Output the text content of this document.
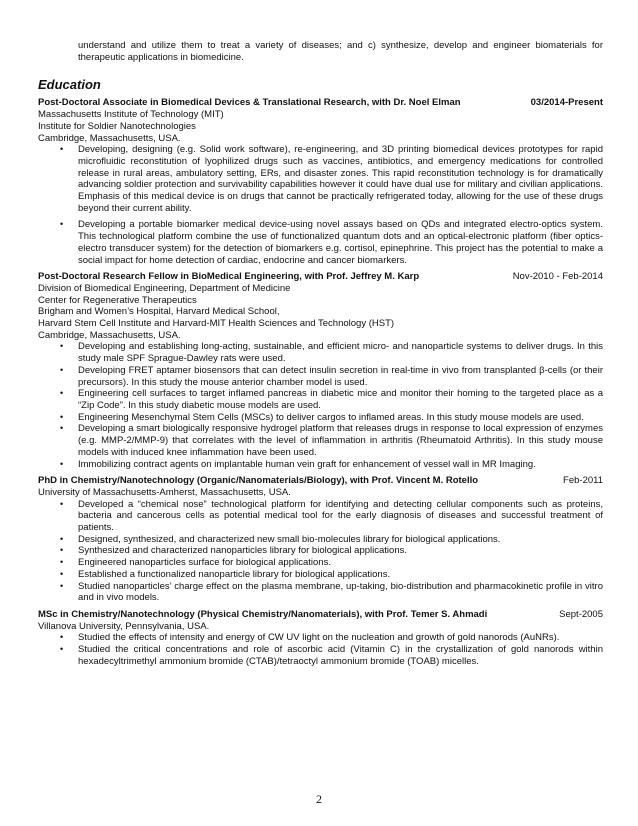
understand and utilize them to treat a variety of diseases; and c) synthesize, develop and engineer biomaterials for therapeutic applications in biomedicine.
Education
Post-Doctoral Associate in Biomedical Devices & Translational Research, with Dr. Noel Elman	03/2014-Present
Massachusetts Institute of Technology (MIT)
Institute for Soldier Nanotechnologies
Cambridge, Massachusetts, USA.
• Developing, designing (e.g. Solid work software), re-engineering, and 3D printing biomedical devices prototypes for rapid microfluidic reconstitution of lyophilized drugs such as vaccines, antibiotics, and emergency medications for controlled release in rural areas, ambulatory setting, ERs, and disaster zones. This rapid reconstitution technology is for dramatically advancing soldier protection and survivability capabilities however it could have dual use for military and civilian applications. Emphasis of this medical device is on drugs that cannot be practically refrigerated today, allowing for the use of these drugs beyond their current ability.
• Developing a portable biomarker medical device-using novel assays based on QDs and integrated electro-optics system. This technological platform combine the use of functionalized quantum dots and an optical-electronic platform (fiber optics-electro transducer system) for the detection of biomarkers e.g. cortisol, epinephrine. This project has the potential to make a social impact for home detection of cardiac, endocrine and cancer biomarkers.
Post-Doctoral Research Fellow in BioMedical Engineering, with Prof. Jeffrey M. Karp	Nov-2010 - Feb-2014
Division of Biomedical Engineering, Department of Medicine
Center for Regenerative Therapeutics
Brigham and Women’s Hospital, Harvard Medical School,
Harvard Stem Cell Institute and Harvard-MIT Health Sciences and Technology (HST)
Cambridge, Massachusetts, USA.
• Developing and establishing long-acting, sustainable, and efficient micro- and nanoparticle systems to deliver drugs. In this study male SPF Sprague-Dawley rats were used.
• Developing FRET aptamer biosensors that can detect insulin secretion in real-time in vivo from transplanted β-cells (or their precursors). In this study the mouse anterior chamber model is used.
• Engineering cell surfaces to target inflamed pancreas in diabetic mice and monitor their homing to the targeted place as a “Zip Code”. In this study diabetic mouse models are used.
• Engineering Mesenchymal Stem Cells (MSCs) to deliver cargos to inflamed areas. In this study mouse models are used.
• Developing a smart biologically responsive hydrogel platform that releases drugs in response to local expression of enzymes (e.g. MMP-2/MMP-9) that correlates with the level of inflammation in arthritis (Rheumatoid Arthritis). In this study mouse models with induced knee inflammation have been used.
• Immobilizing contract agents on implantable human vein graft for enhancement of vessel wall in MR Imaging.
PhD in Chemistry/Nanotechnology (Organic/Nanomaterials/Biology), with Prof. Vincent M. Rotello	Feb-2011
University of Massachusetts-Amherst, Massachusetts, USA.
• Developed a “chemical nose” technological platform for identifying and detecting cellular components such as proteins, bacteria and cancerous cells as potential medical tool for the early diagnosis of diseases and successful treatment of patients.
• Designed, synthesized, and characterized new small bio-molecules library for biological applications.
• Synthesized and characterized nanoparticles library for biological applications.
• Engineered nanoparticles surface for biological applications.
• Established a functionalized nanoparticle library for biological applications.
• Studied nanoparticles’ charge effect on the plasma membrane, up-taking, bio-distribution and pharmacokinetic profile in vitro and in vivo models.
MSc in Chemistry/Nanotechnology (Physical Chemistry/Nanomaterials), with Prof. Temer S. Ahmadi	Sept-2005
Villanova University, Pennsylvania, USA.
• Studied the effects of intensity and energy of CW UV light on the nucleation and growth of gold nanorods (AuNRs).
• Studied the critical concentrations and role of ascorbic acid (Vitamin C) in the crystallization of gold nanorods within hexadecyltrimethyl ammonium bromide (CTAB)/tetraoctyl ammonium bromide (TOAB) micelles.
2
